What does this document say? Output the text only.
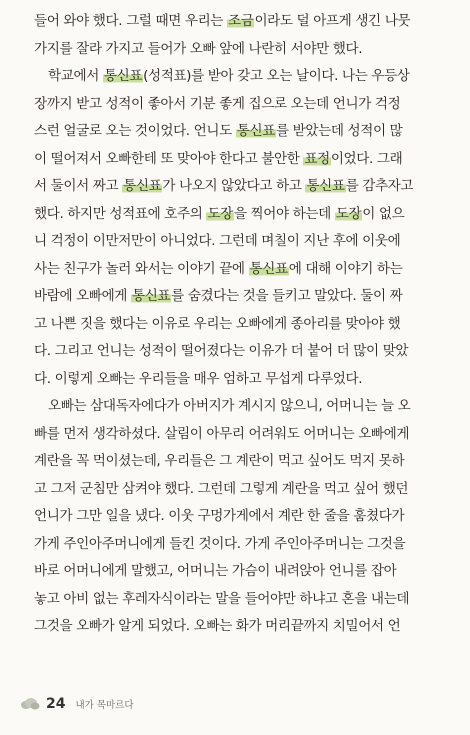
들어 와야 했다. 그럴 때면 우리는 조금이라도 덜 아프게 생긴 나뭇
가지를 잘라 가지고 들어가 오빠 앞에 나란히 서야만 했다.
학교에서 통신표(성적표)를 받아 갖고 오는 날이다. 나는 우등상
장까지 받고 성적이 좋아서 기분 좋게 집으로 오는데 언니가 걱정
스런 얼굴로 오는 것이었다. 언니도 통신표를 받았는데 성적이 많
이 떨어져서 오빠한테 또 맞아야 한다고 불안한 표정이었다. 그래
서 둘이서 짜고 통신표가 나오지 않았다고 하고 통신표를 감추자고
했다. 하지만 성적표에 호주의 도장을 찍어야 하는데 도장이 없으
니 걱정이 이만저만이 아니었다. 그런데 며칠이 지난 후에 이웃에
사는 친구가 놀러 와서는 이야기 끝에 통신표에 대해 이야기 하는
바람에 오빠에게 통신표를 숨겼다는 것을 들키고 말았다. 둘이 짜
고 나쁜 짓을 했다는 이유로 우리는 오빠에게 종아리를 맞아야 했
다. 그리고 언니는 성적이 떨어졌다는 이유가 더 붙어 더 많이 맞았
다. 이렇게 오빠는 우리들을 매우 엄하고 무섭게 다루었다.
오빠는 삼대독자에다가 아버지가 계시지 않으니, 어머니는 늘 오
빠를 먼저 생각하셨다. 살림이 아무리 어려워도 어머니는 오빠에게
계란을 꼭 먹이셨는데, 우리들은 그 계란이 먹고 싶어도 먹지 못하
고 그저 군침만 삼켜야 했다. 그런데 그렇게 계란을 먹고 싶어 했던
언니가 그만 일을 냈다. 이웃 구멍가게에서 계란 한 줄을 훔쳤다가
가게 주인아주머니에게 들킨 것이다. 가게 주인아주머니는 그것을
바로 어머니에게 말했고, 어머니는 가슴이 내려앉아 언니를 잡아
놓고 아비 없는 후레자식이라는 말을 들어야만 하냐고 혼을 내는데
그것을 오빠가 알게 되었다. 오빠는 화가 머리끝까지 치밀어서 언
24 내가 목마르다
